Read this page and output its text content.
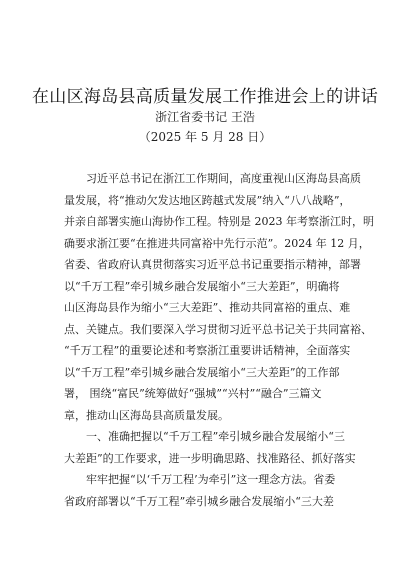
在山区海岛县高质量发展工作推进会上的讲话
浙江省委书记 王浩
（2025 年 5 月 28 日）

习近平总书记在浙江工作期间，高度重视山区海岛县高质
量发展，将“推动欠发达地区跨越式发展”纳入“八八战略”，
并亲自部署实施山海协作工程。特别是 2023 年考察浙江时，明
确要求浙江要“在推进共同富裕中先行示范”。2024 年 12 月，
省委、省政府认真贯彻落实习近平总书记重要指示精神，部署
以“千万工程”牵引城乡融合发展缩小“三大差距”，明确将
山区海岛县作为缩小“三大差距”、推动共同富裕的重点、难
点、关键点。我们要深入学习贯彻习近平总书记关于共同富裕、
“千万工程”的重要论述和考察浙江重要讲话精神，全面落实
以“千万工程”牵引城乡融合发展缩小“三大差距”的工作部
署， 围绕“富民”统筹做好“强城”“兴村”“融合”三篇文
章，推动山区海岛县高质量发展。

一、准确把握以“千万工程”牵引城乡融合发展缩小“三
大差距”的工作要求，进一步明确思路、找准路径、抓好落实
牢牢把握“以‘千万工程’为牵引”这一理念方法。省委
省政府部署以“千万工程”牵引城乡融合发展缩小“三大差
